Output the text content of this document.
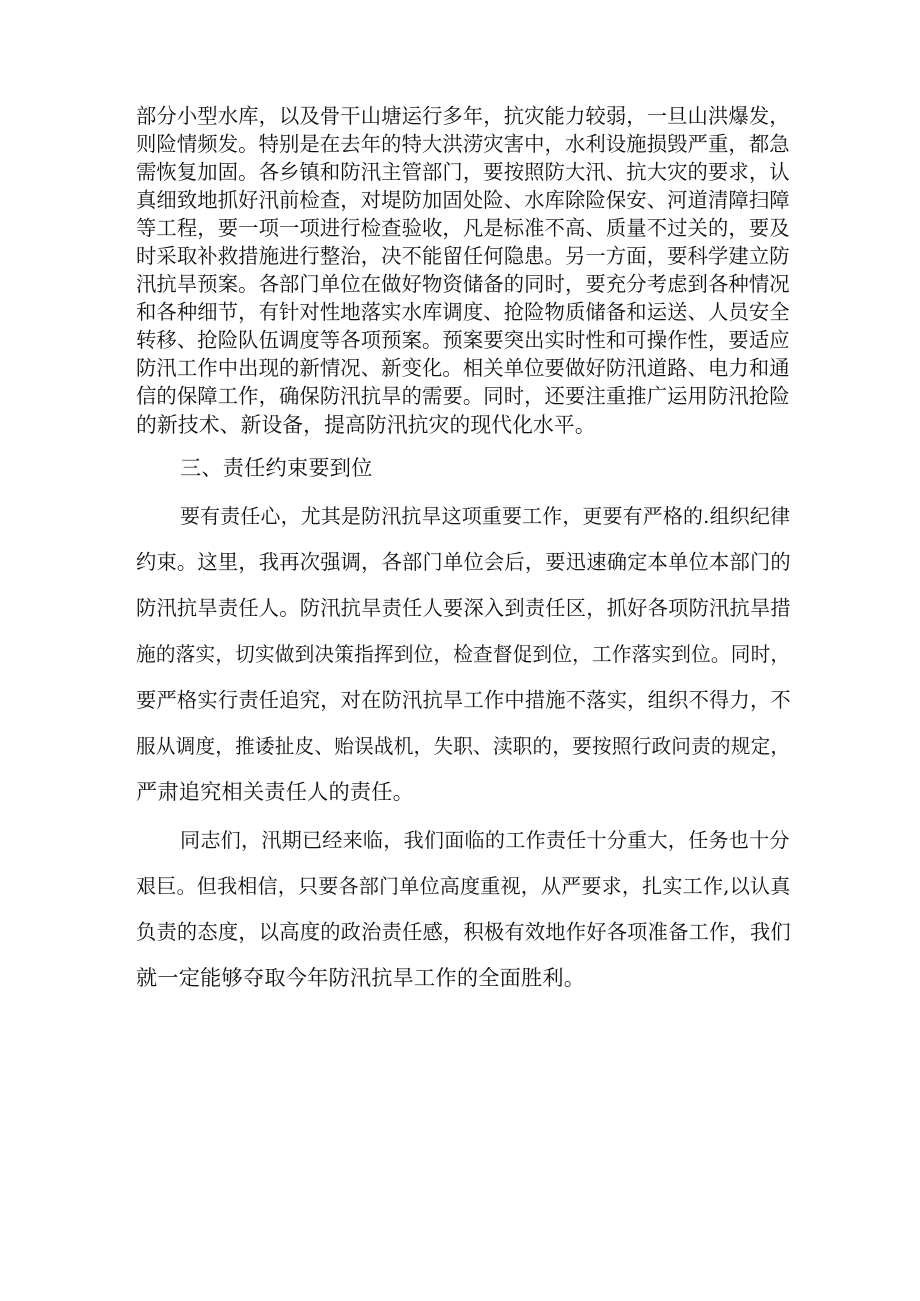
部分小型水库，以及骨干山塘运行多年，抗灾能力较弱，一旦山洪爆发，

则险情频发。特别是在去年的特大洪涝灾害中，水利设施损毁严重，都急

需恢复加固。各乡镇和防汛主管部门，要按照防大汛、抗大灾的要求，认

真细致地抓好汛前检查，对堤防加固处险、水库除险保安、河道清障扫障

等工程，要一项一项进行检查验收，凡是标准不高、质量不过关的，要及

时采取补救措施进行整治，决不能留任何隐患。另一方面，要科学建立防

汛抗旱预案。各部门单位在做好物资储备的同时，要充分考虑到各种情况

和各种细节，有针对性地落实水库调度、抢险物质储备和运送、人员安全

转移、抢险队伍调度等各项预案。预案要突出实时性和可操作性，要适应

防汛工作中出现的新情况、新变化。相关单位要做好防汛道路、电力和通

信的保障工作，确保防汛抗旱的需要。同时，还要注重推广运用防汛抢险

的新技术、新设备，提高防汛抗灾的现代化水平。

三、责任约束要到位

要有责任心，尤其是防汛抗旱这项重要工作，更要有严格的.组织纪律

约束。这里，我再次强调，各部门单位会后，要迅速确定本单位本部门的

防汛抗旱责任人。防汛抗旱责任人要深入到责任区，抓好各项防汛抗旱措

施的落实，切实做到决策指挥到位，检查督促到位，工作落实到位。同时，

要严格实行责任追究，对在防汛抗旱工作中措施不落实，组织不得力，不

服从调度，推诿扯皮、贻误战机，失职、渎职的，要按照行政问责的规定，

严肃追究相关责任人的责任。

同志们，汛期已经来临，我们面临的工作责任十分重大，任务也十分

艰巨。但我相信，只要各部门单位高度重视，从严要求，扎实工作,以认真

负责的态度，以高度的政治责任感，积极有效地作好各项准备工作，我们

就一定能够夺取今年防汛抗旱工作的全面胜利。
